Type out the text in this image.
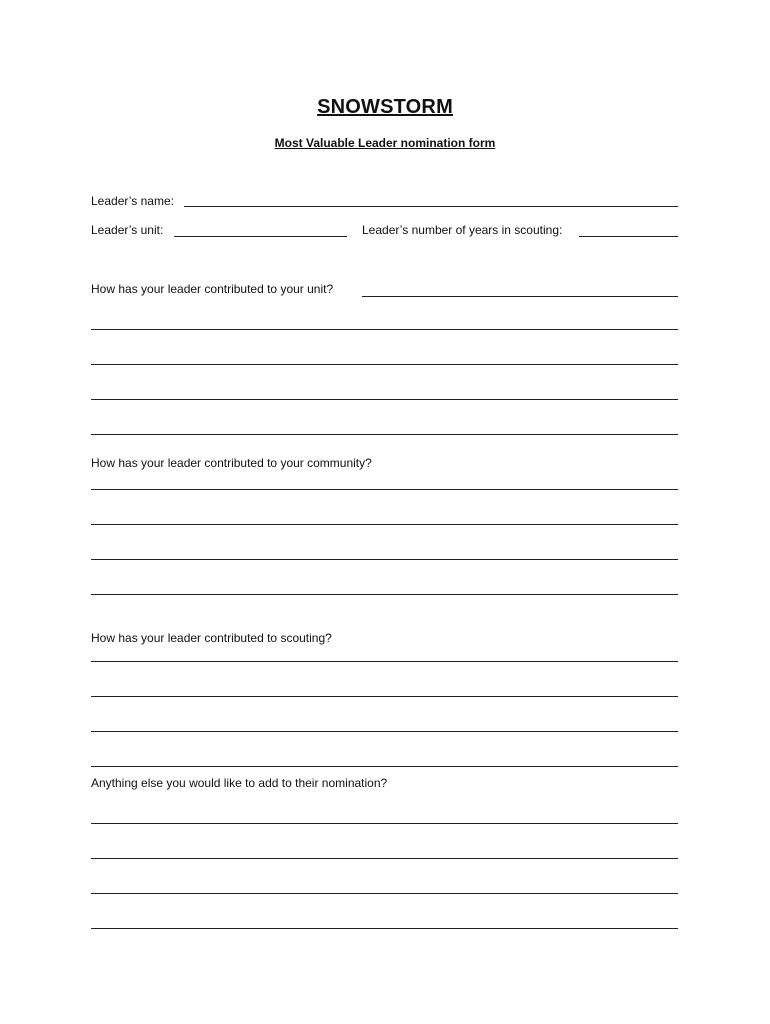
SNOWSTORM
Most Valuable Leader nomination form
Leader’s name:
Leader’s unit:	Leader’s number of years in scouting:
How has your leader contributed to your unit?
How has your leader contributed to your community?
How has your leader contributed to scouting?
Anything else you would like to add to their nomination?
